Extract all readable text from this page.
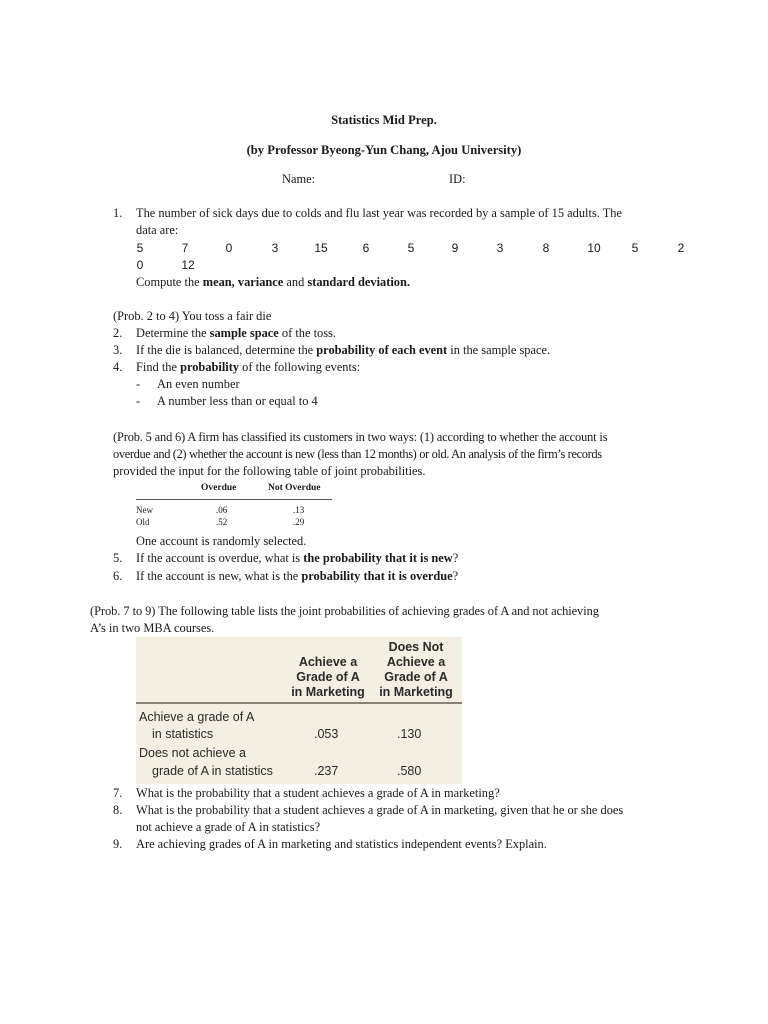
Statistics Mid Prep.
(by Professor Byeong-Yun Chang, Ajou University)
Name:	ID:
1.	The number of sick days due to colds and flu last year was recorded by a sample of 15 adults. The
data are:
5	7	0	3	15	6	5	9	3	8	10	5	2
0	12
Compute the mean, variance and standard deviation.
(Prob. 2 to 4) You toss a fair die
2.	Determine the sample space of the toss.
3.	If the die is balanced, determine the probability of each event in the sample space.
4.	Find the probability of the following events:
- An even number
- A number less than or equal to 4
(Prob. 5 and 6) A firm has classified its customers in two ways: (1) according to whether the account is
overdue and (2) whether the account is new (less than 12 months) or old. An analysis of the firm’s records
provided the input for the following table of joint probabilities.
Overdue	Not Overdue
New	.06	.13
Old	.52	.29
One account is randomly selected.
5.	If the account is overdue, what is the probability that it is new?
6.	If the account is new, what is the probability that it is overdue?
(Prob. 7 to 9) The following table lists the joint probabilities of achieving grades of A and not achieving
A’s in two MBA courses.
Achieve a
Grade of A
in Marketing
Does Not
Achieve a
Grade of A
in Marketing
Achieve a grade of A
in statistics	.053	.130
Does not achieve a
grade of A in statistics	.237	.580
7.	What is the probability that a student achieves a grade of A in marketing?
8.	What is the probability that a student achieves a grade of A in marketing, given that he or she does
not achieve a grade of A in statistics?
9.	Are achieving grades of A in marketing and statistics independent events? Explain.
